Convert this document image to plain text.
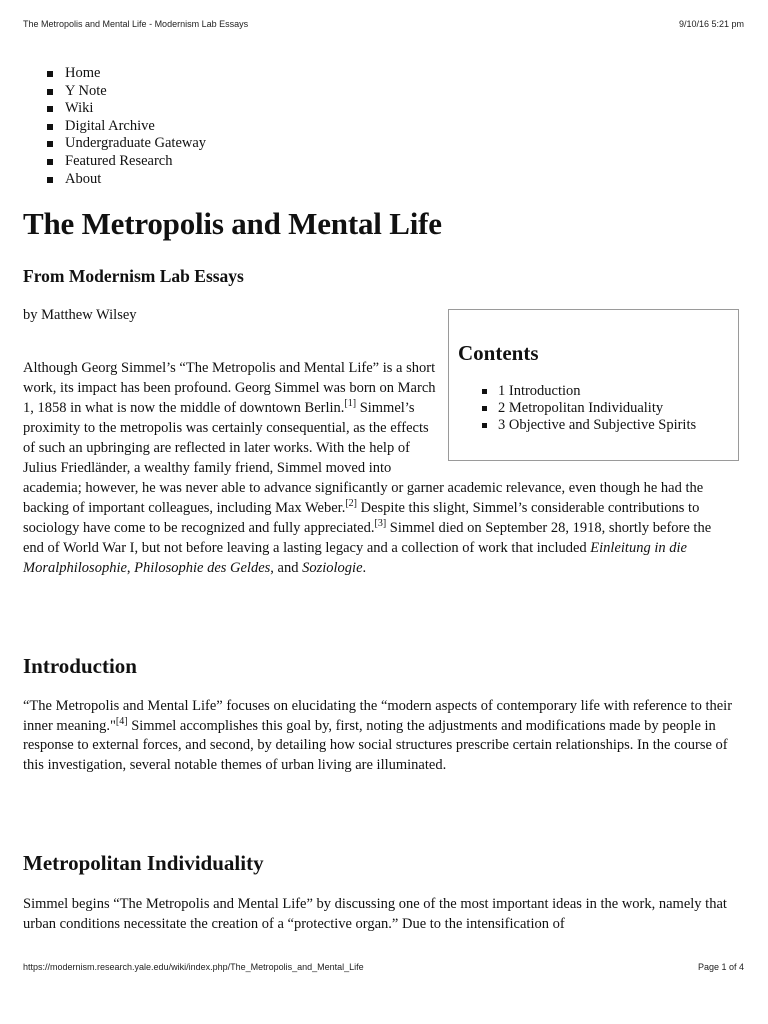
The Metropolis and Mental Life - Modernism Lab Essays	9/10/16 5:21 pm
Home
Y Note
Wiki
Digital Archive
Undergraduate Gateway
Featured Research
About
The Metropolis and Mental Life
From Modernism Lab Essays
by Matthew Wilsey
Contents
1 Introduction
2 Metropolitan Individuality
3 Objective and Subjective Spirits

Although Georg Simmel’s “The Metropolis and Mental Life” is a short work, its impact has been profound. Georg Simmel was born on March 1, 1858 in what is now the middle of downtown Berlin.[1] Simmel’s proximity to the metropolis was certainly consequential, as the effects of such an upbringing are reflected in later works. With the help of Julius Friedländer, a wealthy family friend, Simmel moved into academia; however, he was never able to advance significantly or garner academic relevance, even though he had the backing of important colleagues, including Max Weber.[2] Despite this slight, Simmel’s considerable contributions to sociology have come to be recognized and fully appreciated.[3] Simmel died on September 28, 1918, shortly before the end of World War I, but not before leaving a lasting legacy and a collection of work that included Einleitung in die Moralphilosophie, Philosophie des Geldes, and Soziologie.

Introduction

“The Metropolis and Mental Life” focuses on elucidating the “modern aspects of contemporary life with reference to their inner meaning."[4] Simmel accomplishes this goal by, first, noting the adjustments and modifications made by people in response to external forces, and second, by detailing how social structures prescribe certain relationships. In the course of this investigation, several notable themes of urban living are illuminated.

Metropolitan Individuality

Simmel begins “The Metropolis and Mental Life” by discussing one of the most important ideas in the work, namely that urban conditions necessitate the creation of a “protective organ.” Due to the intensification of

https://modernism.research.yale.edu/wiki/index.php/The_Metropolis_and_Mental_Life	Page 1 of 4
